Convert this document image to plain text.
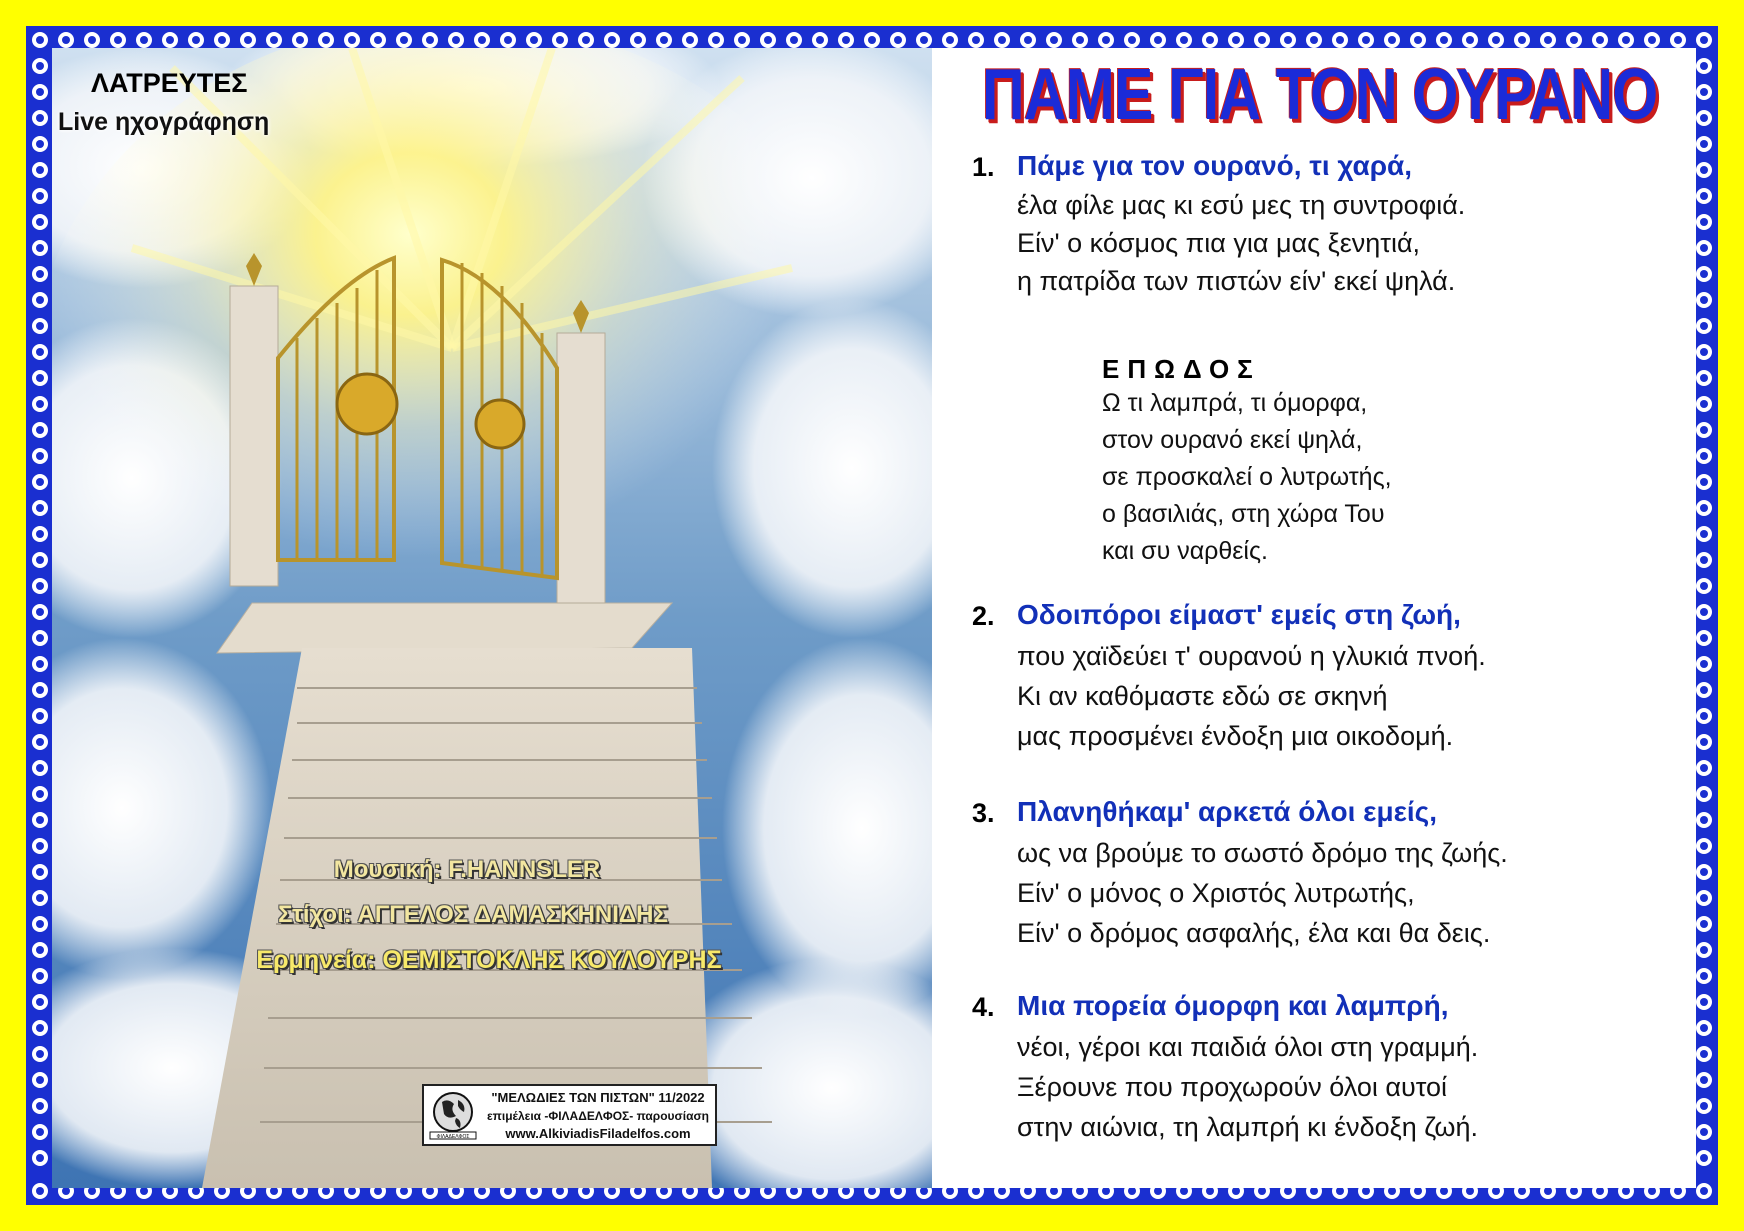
ΛΑΤΡΕΥΤΕΣ
Live ηχογράφηση
Μουσική: F.HANNSLER
Στίχοι: ΑΓΓΕΛΟΣ ΔΑΜΑΣΚΗΝΙΔΗΣ
Ερμηνεία: ΘΕΜΙΣΤΟΚΛΗΣ ΚΟΥΛΟΥΡΗΣ
ΦΙΛΑΔΕΛΦΟΣ
"ΜΕΛΩΔΙΕΣ ΤΩΝ ΠΙΣΤΩΝ" 11/2022
επιμέλεια -ΦΙΛΑΔΕΛΦΟΣ- παρουσίαση
www.AlkiviadisFiladelfos.com
ΠΑΜΕ ΓΙΑ ΤΟΝ ΟΥΡΑΝΟ
1. Πάμε για τον ουρανό, τι χαρά,
έλα φίλε μας κι εσύ μες τη συντροφιά.
Είν' ο κόσμος πια για μας ξενητιά,
η πατρίδα των πιστών είν' εκεί ψηλά.
ΕΠΩΔΟΣ
Ω τι λαμπρά, τι όμορφα,
στον ουρανό εκεί ψηλά,
σε προσκαλεί ο λυτρωτής,
ο βασιλιάς, στη χώρα Του
και συ ναρθείς.
2. Οδοιπόροι είμαστ' εμείς στη ζωή,
που χαϊδεύει τ' ουρανού η γλυκιά πνοή.
Κι αν καθόμαστε εδώ σε σκηνή
μας προσμένει ένδοξη μια οικοδομή.
3. Πλανηθήκαμ' αρκετά όλοι εμείς,
ως να βρούμε το σωστό δρόμο της ζωής.
Είν' ο μόνος ο Χριστός λυτρωτής,
Είν' ο δρόμος ασφαλής, έλα και θα δεις.
4. Μια πορεία όμορφη και λαμπρή,
νέοι, γέροι και παιδιά όλοι στη γραμμή.
Ξέρουνε που προχωρούν όλοι αυτοί
στην αιώνια, τη λαμπρή κι ένδοξη ζωή.
